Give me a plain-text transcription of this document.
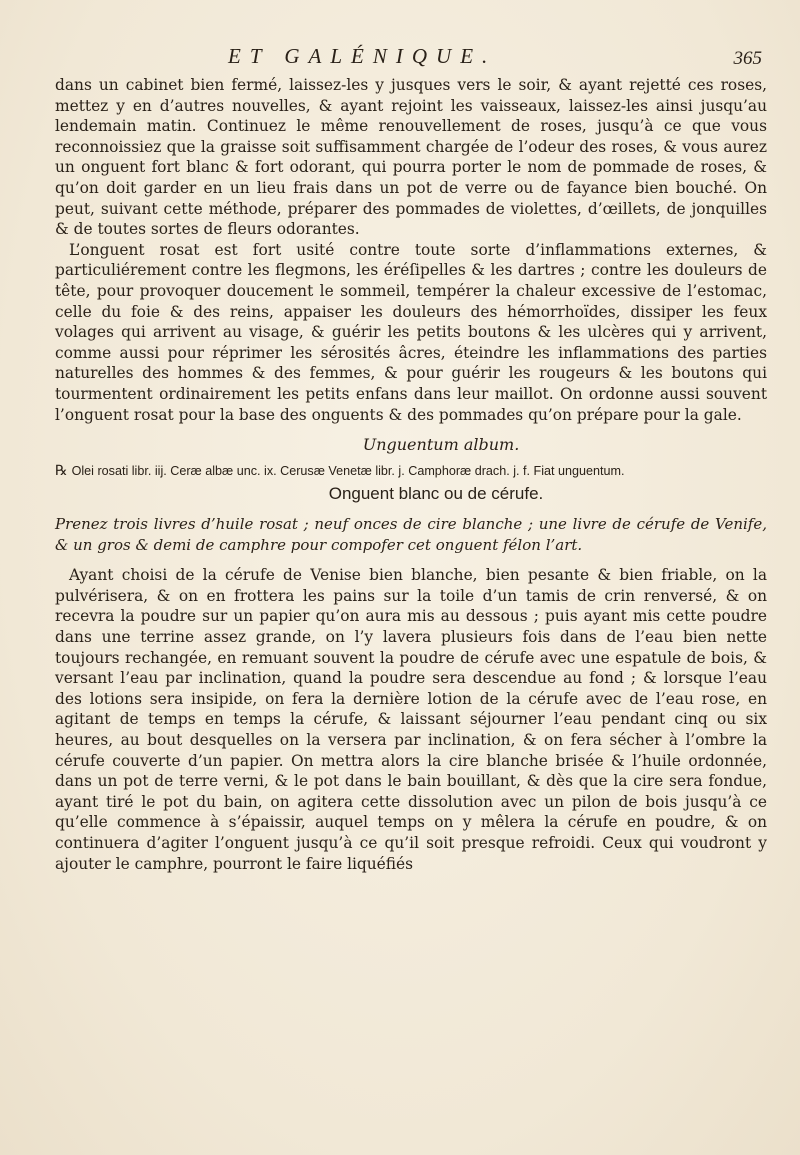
ET GALÉNIQUE.	365

dans un cabinet bien fermé, laissez-les y jusques vers le soir, & ayant rejetté ces roses, mettez y en d’autres nouvelles, & ayant rejoint les vaisseaux, laissez-les ainsi jusqu’au lendemain matin. Continuez le même renouvellement de roses, jusqu’à ce que vous reconnoissiez que la graisse soit suffisamment chargée de l’odeur des roses, & vous aurez un onguent fort blanc & fort odorant, qui pourra porter le nom de pommade de roses, & qu’on doit garder en un lieu frais dans un pot de verre ou de fayance bien bouché. On peut, suivant cette méthode, préparer des pommades de violettes, d’œillets, de jonquilles & de toutes sortes de fleurs odorantes.

L’onguent rosat est fort usité contre toute sorte d’inflammations externes, & particuliérement contre les flegmons, les éréſipelles & les dartres ; contre les douleurs de tête, pour provoquer doucement le sommeil, tempérer la chaleur excessive de l’estomac, celle du foie & des reins, appaiser les douleurs des hémorrhoïdes, dissiper les feux volages qui arrivent au visage, & guérir les petits boutons & les ulcères qui y arrivent, comme aussi pour réprimer les sérosités âcres, éteindre les inflammations des parties naturelles des hommes & des femmes, & pour guérir les rougeurs & les boutons qui tourmentent ordinairement les petits enfans dans leur maillot. On ordonne aussi souvent l’onguent rosat pour la base des onguents & des pommades qu’on prépare pour la gale.

Unguentum album.

℞ Olei rosati libr. iij. Ceræ albæ unc. ix. Cerusæ Venetæ libr. j. Camphoræ drach. j. f. Fiat unguentum.

Onguent blanc ou de cérufe.

Prenez trois livres d’huile rosat ; neuf onces de cire blanche ; une livre de cérufe de Venife, & un gros & demi de camphre pour compofer cet onguent félon l’art.

Ayant choisi de la cérufe de Venise bien blanche, bien pesante & bien friable, on la pulvérisera, & on en frottera les pains sur la toile d’un tamis de crin renversé, & on recevra la poudre sur un papier qu’on aura mis au dessous ; puis ayant mis cette poudre dans une terrine assez grande, on l’y lavera plusieurs fois dans de l’eau bien nette toujours rechangée, en remuant souvent la poudre de cérufe avec une espatule de bois, & versant l’eau par inclination, quand la poudre sera descendue au fond ; & lorsque l’eau des lotions sera insipide, on fera la dernière lotion de la cérufe avec de l’eau rose, en agitant de temps en temps la cérufe, & laissant séjourner l’eau pendant cinq ou six heures, au bout desquelles on la versera par inclination, & on fera sécher à l’ombre la cérufe couverte d’un papier. On mettra alors la cire blanche brisée & l’huile ordonnée, dans un pot de terre verni, & le pot dans le bain bouillant, & dès que la cire sera fondue, ayant tiré le pot du bain, on agitera cette dissolution avec un pilon de bois jusqu’à ce qu’elle commence à s’épaissir, auquel temps on y mêlera la cérufe en poudre, & on continuera d’agiter l’onguent jusqu’à ce qu’il soit presque refroidi. Ceux qui voudront y ajouter le camphre, pourront le faire liquéfiés
